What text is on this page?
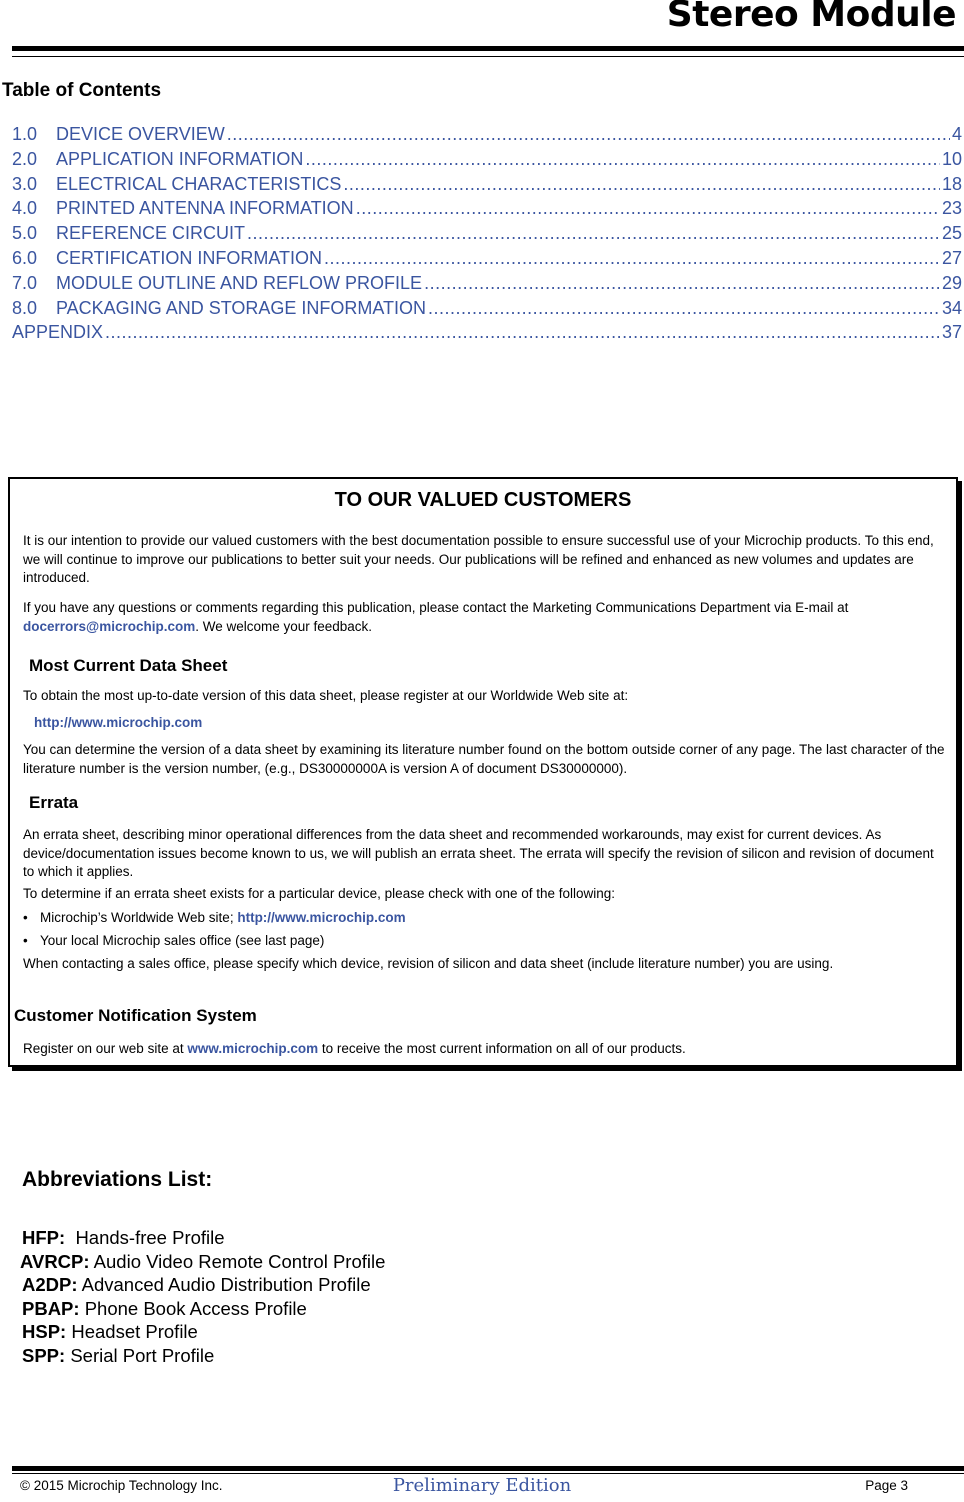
Stereo Module
Table of Contents
1.0	DEVICE OVERVIEW .....	4
2.0	APPLICATION INFORMATION .....	10
3.0	ELECTRICAL CHARACTERISTICS .....	18
4.0	PRINTED ANTENNA INFORMATION .....	23
5.0	REFERENCE CIRCUIT .....	25
6.0	CERTIFICATION INFORMATION .....	27
7.0	MODULE OUTLINE AND REFLOW PROFILE .....	29
8.0	PACKAGING AND STORAGE INFORMATION .....	34
APPENDIX .....	37
TO OUR VALUED CUSTOMERS
It is our intention to provide our valued customers with the best documentation possible to ensure successful use of your Microchip products. To this end, we will continue to improve our publications to better suit your needs. Our publications will be refined and enhanced as new volumes and updates are introduced.
If you have any questions or comments regarding this publication, please contact the Marketing Communications Department via E-mail at docerrors@microchip.com. We welcome your feedback.
Most Current Data Sheet
To obtain the most up-to-date version of this data sheet, please register at our Worldwide Web site at:
http://www.microchip.com
You can determine the version of a data sheet by examining its literature number found on the bottom outside corner of any page. The last character of the literature number is the version number, (e.g., DS30000000A is version A of document DS30000000).
Errata
An errata sheet, describing minor operational differences from the data sheet and recommended workarounds, may exist for current devices. As device/documentation issues become known to us, we will publish an errata sheet. The errata will specify the revision of silicon and revision of document to which it applies.
To determine if an errata sheet exists for a particular device, please check with one of the following:
• Microchip’s Worldwide Web site; http://www.microchip.com
• Your local Microchip sales office (see last page)
When contacting a sales office, please specify which device, revision of silicon and data sheet (include literature number) you are using.
Customer Notification System
Register on our web site at www.microchip.com to receive the most current information on all of our products.
Abbreviations List:
HFP:  Hands-free Profile
AVRCP: Audio Video Remote Control Profile
A2DP: Advanced Audio Distribution Profile
PBAP: Phone Book Access Profile
HSP: Headset Profile
SPP: Serial Port Profile
© 2015 Microchip Technology Inc.	Preliminary Edition	Page 3
